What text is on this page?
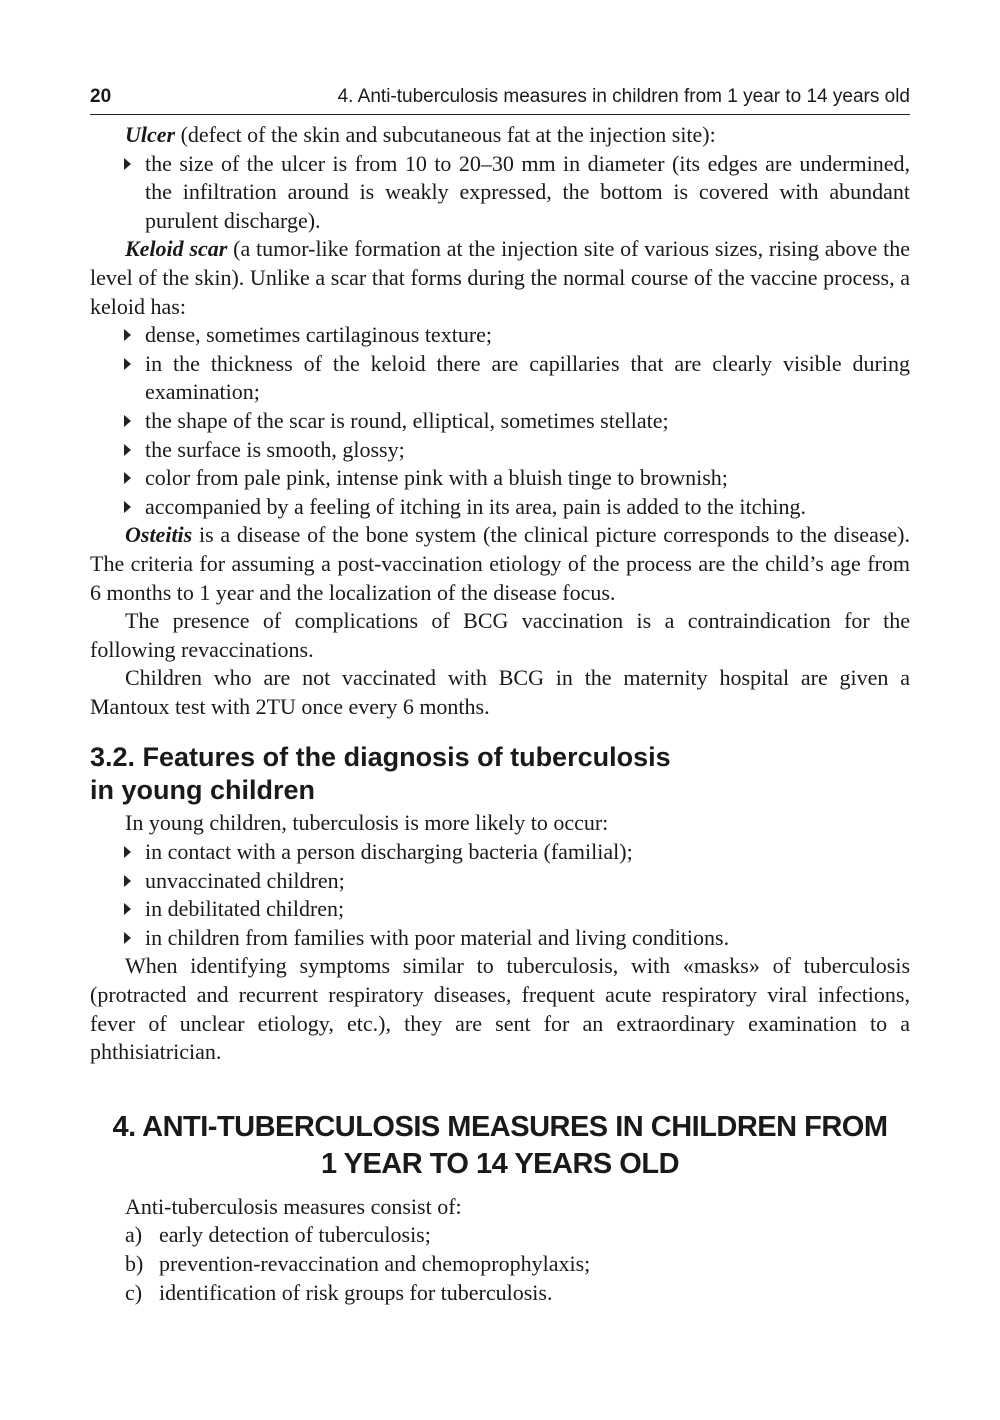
20	4. Anti-tuberculosis measures in children from 1 year to 14 years old

Ulcer (defect of the skin and subcutaneous fat at the injection site):

the size of the ulcer is from 10 to 20–30 mm in diameter (its edges are undermined, the infiltration around is weakly expressed, the bottom is covered with abundant purulent discharge).

Keloid scar (a tumor-like formation at the injection site of various sizes, rising above the level of the skin). Unlike a scar that forms during the normal course of the vaccine process, a keloid has:

dense, sometimes cartilaginous texture;
in the thickness of the keloid there are capillaries that are clearly visible during examination;
the shape of the scar is round, elliptical, sometimes stellate;
the surface is smooth, glossy;
color from pale pink, intense pink with a bluish tinge to brownish;
accompanied by a feeling of itching in its area, pain is added to the itching.

Osteitis is a disease of the bone system (the clinical picture corresponds to the disease). The criteria for assuming a post-vaccination etiology of the process are the child’s age from 6 months to 1 year and the localization of the disease focus.

The presence of complications of BCG vaccination is a contraindication for the following revaccinations.

Children who are not vaccinated with BCG in the maternity hospital are given a Mantoux test with 2TU once every 6 months.

3.2. Features of the diagnosis of tuberculosis
in young children

In young children, tuberculosis is more likely to occur:

in contact with a person discharging bacteria (familial);
unvaccinated children;
in debilitated children;
in children from families with poor material and living conditions.

When identifying symptoms similar to tuberculosis, with «masks» of tuberculosis (protracted and recurrent respiratory diseases, frequent acute respiratory viral infections, fever of unclear etiology, etc.), they are sent for an extraordinary examination to a phthisiatrician.

4. ANTI-TUBERCULOSIS MEASURES IN CHILDREN FROM
1 YEAR TO 14 YEARS OLD

Anti-tuberculosis measures consist of:

a) early detection of tuberculosis;
b) prevention-revaccination and chemoprophylaxis;
c) identification of risk groups for tuberculosis.
